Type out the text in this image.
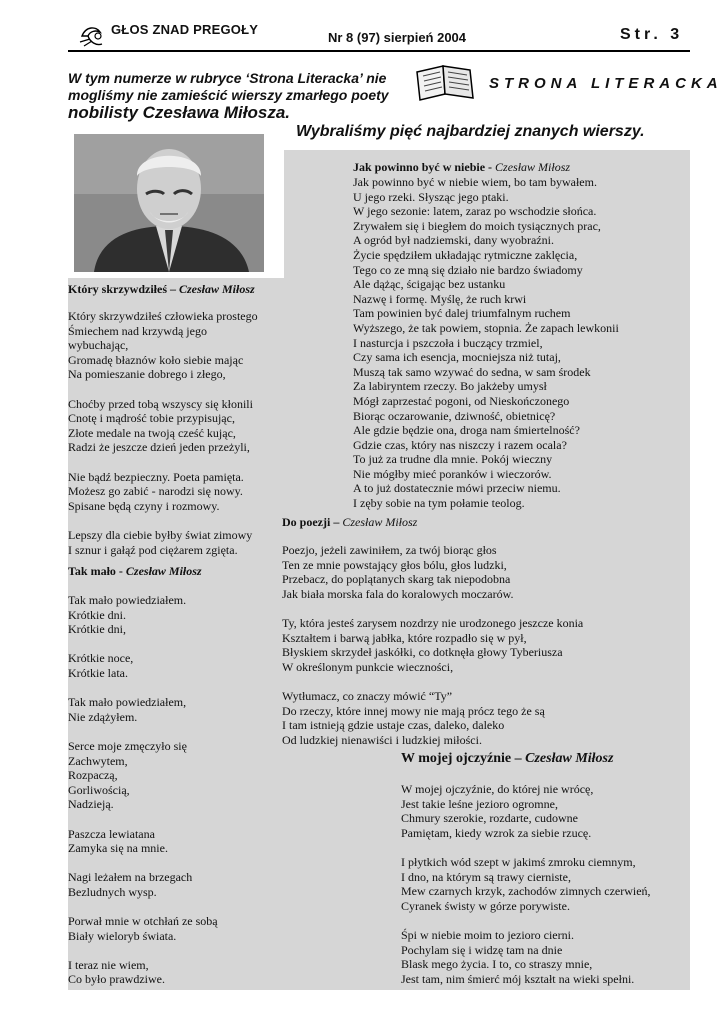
GŁOS ZNAD PREGOŁY
Nr 8 (97) sierpień 2004	Str. 3
W tym numerze w rubryce ‘Strona Literacka’ nie
mogliśmy nie zamieścić wierszy zmarłego poety
nobilisty Czesława Miłosza.
STRONA LITERACKA
Wybraliśmy pięć najbardziej znanych wierszy.
Który skrzywdziłeś – Czesław Miłosz
Który skrzywdziłeś człowieka prostego
Śmiechem nad krzywdą jego
wybuchając,
Gromadę błaznów koło siebie mając
Na pomieszanie dobrego i złego,

Choćby przed tobą wszyscy się kłonili
Cnotę i mądrość tobie przypisując,
Złote medale na twoją cześć kując,
Radzi że jeszcze dzień jeden przeżyli,

Nie bądź bezpieczny. Poeta pamięta.
Możesz go zabić - narodzi się nowy.
Spisane będą czyny i rozmowy.

Lepszy dla ciebie byłby świat zimowy
I sznur i gałąź pod ciężarem zgięta.
Tak mało - Czesław Miłosz
Tak mało powiedziałem.
Krótkie dni.
Krótkie dni,

Krótkie noce,
Krótkie lata.

Tak mało powiedziałem,
Nie zdążyłem.

Serce moje zmęczyło się
Zachwytem,
Rozpaczą,
Gorliwością,
Nadzieją.

Paszcza lewiatana
Zamyka się na mnie.

Nagi leżałem na brzegach
Bezludnych wysp.

Porwał mnie w otchłań ze sobą
Biały wieloryb świata.

I teraz nie wiem,
Co było prawdziwe.
Jak powinno być w niebie - Czesław Miłosz
Jak powinno być w niebie wiem, bo tam bywałem.
U jego rzeki. Słysząc jego ptaki.
W jego sezonie: latem, zaraz po wschodzie słońca.
Zrywałem się i biegłem do moich tysiącznych prac,
A ogród był nadziemski, dany wyobraźni.
Życie spędziłem układając rytmiczne zaklęcia,
Tego co ze mną się działo nie bardzo świadomy
Ale dążąc, ścigając bez ustanku
Nazwę i formę. Myślę, że ruch krwi
Tam powinien być dalej triumfalnym ruchem
Wyższego, że tak powiem, stopnia. Że zapach lewkonii
I nasturcja i pszczoła i buczący trzmiel,
Czy sama ich esencja, mocniejsza niż tutaj,
Muszą tak samo wzywać do sedna, w sam środek
Za labiryntem rzeczy. Bo jakżeby umysł
Mógł zaprzestać pogoni, od Nieskończonego
Biorąc oczarowanie, dziwność, obietnicę?
Ale gdzie będzie ona, droga nam śmiertelność?
Gdzie czas, który nas niszczy i razem ocala?
To już za trudne dla mnie. Pokój wieczny
Nie mógłby mieć poranków i wieczorów.
A to już dostatecznie mówi przeciw niemu.
I zęby sobie na tym połamie teolog.
Do poezji – Czesław Miłosz
Poezjo, jeżeli zawiniłem, za twój biorąc głos
Ten ze mnie powstający głos bólu, głos ludzki,
Przebacz, do poplątanych skarg tak niepodobna
Jak biała morska fala do koralowych moczarów.

Ty, która jesteś zarysem nozdrzy nie urodzonego jeszcze konia
Kształtem i barwą jabłka, które rozpadło się w pył,
Błyskiem skrzydeł jaskółki, co dotknęła głowy Tyberiusza
W określonym punkcie wieczności,

Wytłumacz, co znaczy mówić “Ty”
Do rzeczy, które innej mowy nie mają prócz tego że są
I tam istnieją gdzie ustaje czas, daleko, daleko
Od ludzkiej nienawiści i ludzkiej miłości.
W mojej ojczyźnie – Czesław Miłosz
W mojej ojczyźnie, do której nie wrócę,
Jest takie leśne jezioro ogromne,
Chmury szerokie, rozdarte, cudowne
Pamiętam, kiedy wzrok za siebie rzucę.

I płytkich wód szept w jakimś zmroku ciemnym,
I dno, na którym są trawy cierniste,
Mew czarnych krzyk, zachodów zimnych czerwień,
Cyranek świsty w górze porywiste.

Śpi w niebie moim to jezioro cierni.
Pochylam się i widzę tam na dnie
Blask mego życia. I to, co straszy mnie,
Jest tam, nim śmierć mój kształt na wieki spełni.
